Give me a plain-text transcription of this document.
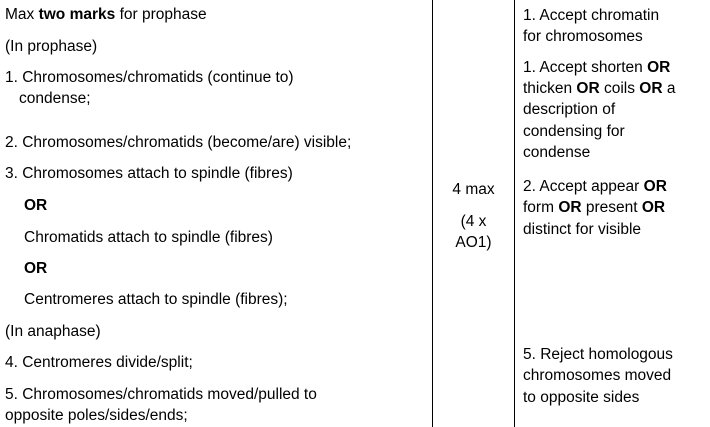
Max two marks for prophase

(In prophase)

1. Chromosomes/chromatids (continue to)

condense;

2. Chromosomes/chromatids (become/are) visible;

3. Chromosomes attach to spindle (fibres)

OR

Chromatids attach to spindle (fibres)

OR

Centromeres attach to spindle (fibres);

(In anaphase)

4. Centromeres divide/split;

5. Chromosomes/chromatids moved/pulled to

opposite poles/sides/ends;

4 max

(4 x

AO1)

1. Accept chromatin

for chromosomes

1. Accept shorten OR

thicken OR coils OR a

description of

condensing for

condense

2. Accept appear OR

form OR present OR

distinct for visible

5. Reject homologous

chromosomes moved

to opposite sides
